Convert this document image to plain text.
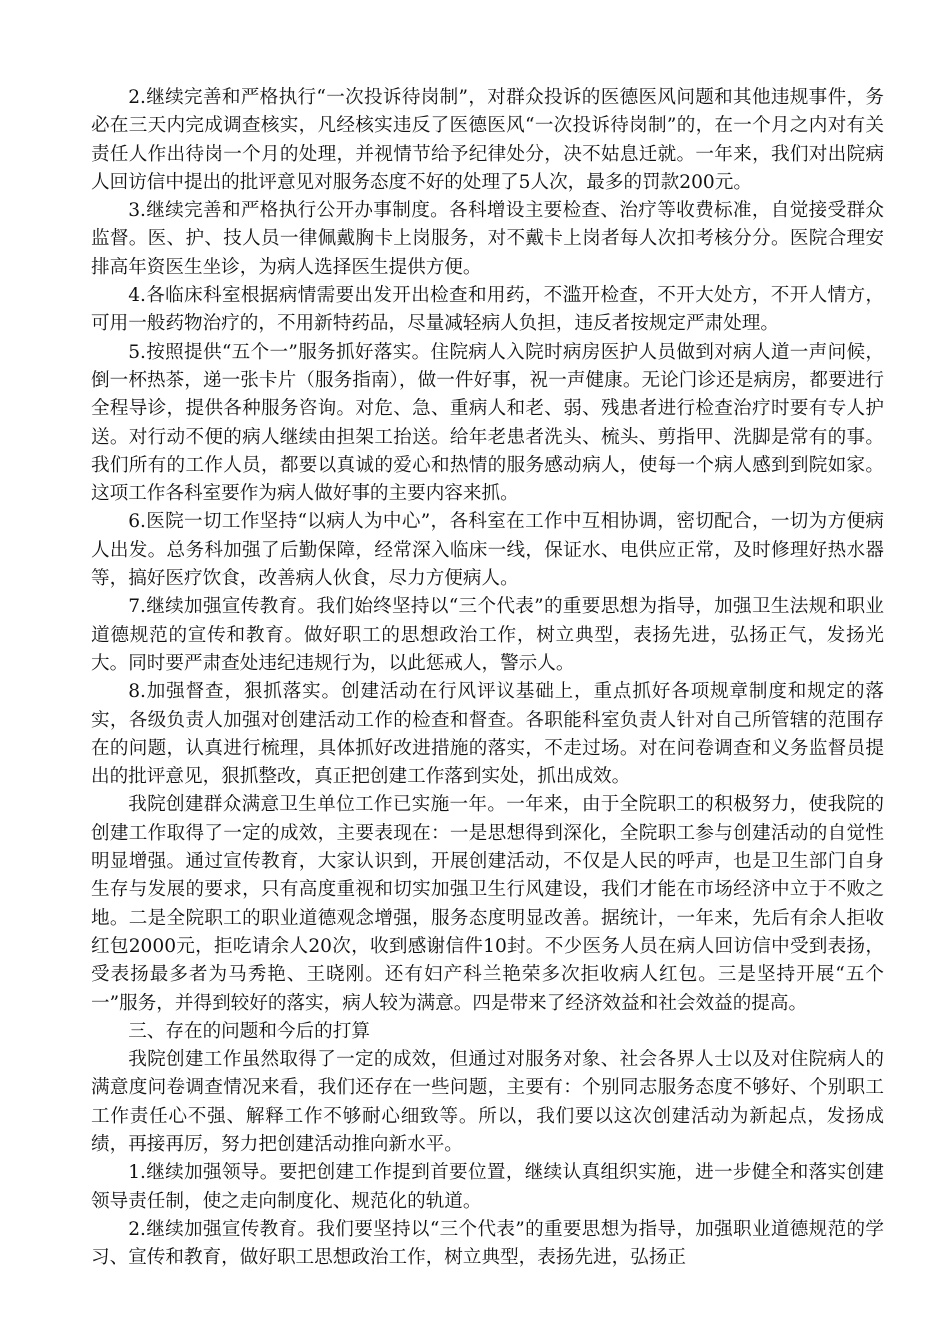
2.继续完善和严格执行“一次投诉待岗制”，对群众投诉的医德医风问题和其他违规事件，务必在三天内完成调查核实，凡经核实违反了医德医风“一次投诉待岗制”的，在一个月之内对有关责任人作出待岗一个月的处理，并视情节给予纪律处分，决不姑息迁就。一年来，我们对出院病人回访信中提出的批评意见对服务态度不好的处理了5人次，最多的罚款200元。

3.继续完善和严格执行公开办事制度。各科增设主要检查、治疗等收费标准，自觉接受群众监督。医、护、技人员一律佩戴胸卡上岗服务，对不戴卡上岗者每人次扣考核分分。医院合理安排高年资医生坐诊，为病人选择医生提供方便。

4.各临床科室根据病情需要出发开出检查和用药，不滥开检查，不开大处方，不开人情方，可用一般药物治疗的，不用新特药品，尽量减轻病人负担，违反者按规定严肃处理。

5.按照提供“五个一”服务抓好落实。住院病人入院时病房医护人员做到对病人道一声问候，倒一杯热茶，递一张卡片（服务指南），做一件好事，祝一声健康。无论门诊还是病房，都要进行全程导诊，提供各种服务咨询。对危、急、重病人和老、弱、残患者进行检查治疗时要有专人护送。对行动不便的病人继续由担架工抬送。给年老患者洗头、梳头、剪指甲、洗脚是常有的事。我们所有的工作人员，都要以真诚的爱心和热情的服务感动病人，使每一个病人感到到院如家。这项工作各科室要作为病人做好事的主要内容来抓。

6.医院一切工作坚持“以病人为中心”，各科室在工作中互相协调，密切配合，一切为方便病人出发。总务科加强了后勤保障，经常深入临床一线，保证水、电供应正常，及时修理好热水器等，搞好医疗饮食，改善病人伙食，尽力方便病人。

7.继续加强宣传教育。我们始终坚持以“三个代表”的重要思想为指导，加强卫生法规和职业道德规范的宣传和教育。做好职工的思想政治工作，树立典型，表扬先进，弘扬正气，发扬光大。同时要严肃查处违纪违规行为，以此惩戒人，警示人。

8.加强督查，狠抓落实。创建活动在行风评议基础上，重点抓好各项规章制度和规定的落实，各级负责人加强对创建活动工作的检查和督查。各职能科室负责人针对自己所管辖的范围存在的问题，认真进行梳理，具体抓好改进措施的落实，不走过场。对在问卷调查和义务监督员提出的批评意见，狠抓整改，真正把创建工作落到实处，抓出成效。

我院创建群众满意卫生单位工作已实施一年。一年来，由于全院职工的积极努力，使我院的创建工作取得了一定的成效，主要表现在：一是思想得到深化，全院职工参与创建活动的自觉性明显增强。通过宣传教育，大家认识到，开展创建活动，不仅是人民的呼声，也是卫生部门自身生存与发展的要求，只有高度重视和切实加强卫生行风建设，我们才能在市场经济中立于不败之地。二是全院职工的职业道德观念增强，服务态度明显改善。据统计，一年来，先后有余人拒收红包2000元，拒吃请余人20次，收到感谢信件10封。不少医务人员在病人回访信中受到表扬，受表扬最多者为马秀艳、王晓刚。还有妇产科兰艳荣多次拒收病人红包。三是坚持开展“五个一”服务，并得到较好的落实，病人较为满意。四是带来了经济效益和社会效益的提高。

三、存在的问题和今后的打算

我院创建工作虽然取得了一定的成效，但通过对服务对象、社会各界人士以及对住院病人的满意度问卷调查情况来看，我们还存在一些问题，主要有：个别同志服务态度不够好、个别职工工作责任心不强、解释工作不够耐心细致等。所以，我们要以这次创建活动为新起点，发扬成绩，再接再厉，努力把创建活动推向新水平。

1.继续加强领导。要把创建工作提到首要位置，继续认真组织实施，进一步健全和落实创建领导责任制，使之走向制度化、规范化的轨道。

2.继续加强宣传教育。我们要坚持以“三个代表”的重要思想为指导，加强职业道德规范的学习、宣传和教育，做好职工思想政治工作，树立典型，表扬先进，弘扬正
